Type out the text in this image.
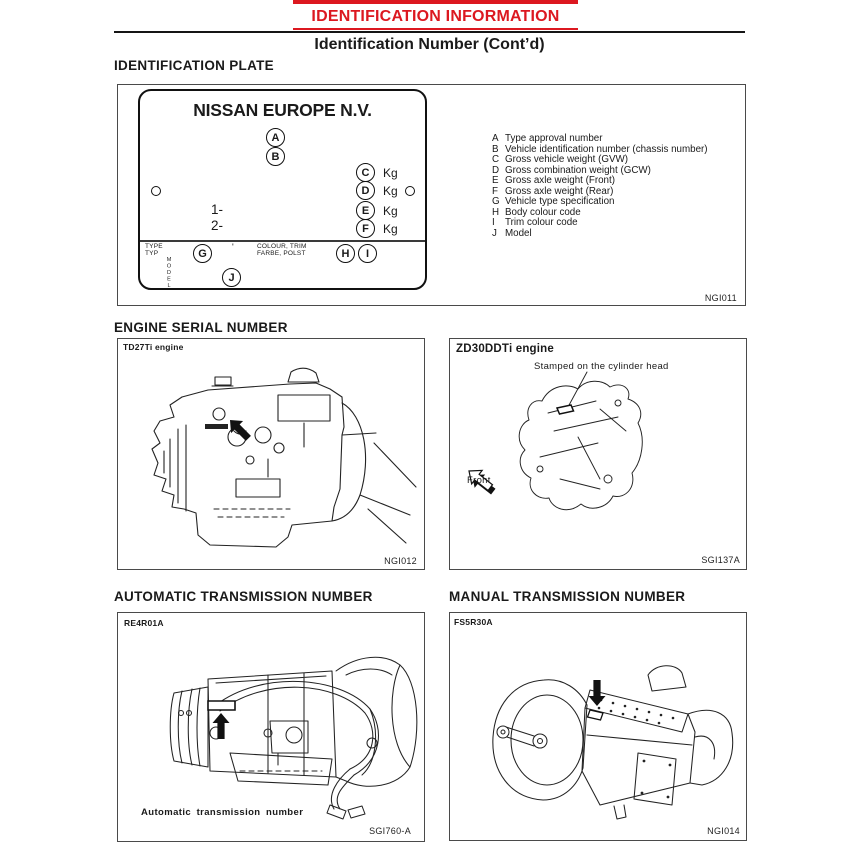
IDENTIFICATION INFORMATION
Identification Number (Cont’d)
IDENTIFICATION PLATE
NISSAN EUROPE N.V.
A
B
C
D
E
F
Kg
Kg
Kg
Kg
1-
2-
TYPE
TYP	G
MODEL
'	COLOUR, TRIM
FARBE, POLST	H	I
J
A Type approval number
B Vehicle identification number (chassis number)
C Gross vehicle weight (GVW)
D Gross combination weight (GCW)
E Gross axle weight (Front)
F Gross axle weight (Rear)
G Vehicle type specification
H Body colour code
I Trim colour code
J Model
NGI011
ENGINE SERIAL NUMBER
TD27Ti engine
NGI012
ZD30DDTi engine
Stamped on the cylinder head
Front
SGI137A
AUTOMATIC TRANSMISSION NUMBER	MANUAL TRANSMISSION NUMBER
RE4R01A
Automatic transmission number
SGI760-A
FS5R30A
NGI014
